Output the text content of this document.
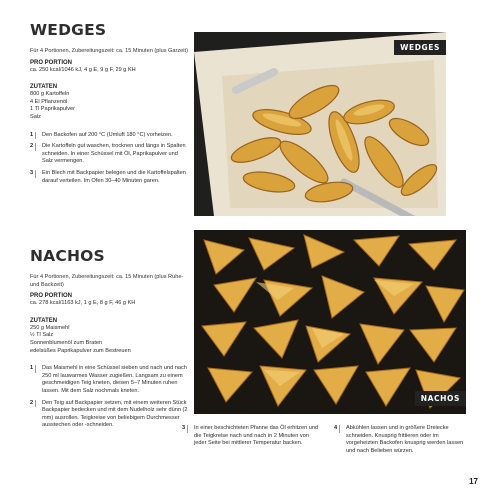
WEDGES
Für 4 Portionen, Zubereitungszeit: ca. 15 Minuten (plus Garzeit)
PRO PORTION
ca. 250 kcal/1046 kJ, 4 g E, 9 g F, 29 g KH
ZUTATEN
800 g Kartoffeln
4 El Pflanzenöl
1 Tl Paprikapulver
Salz
1	Den Backofen auf 200 °C (Umluft 180 °C) vorheizen.
2	Die Kartoffeln gut waschen, trocknen und längs in Spalten schneiden. In einer Schüssel mit Öl, Paprikapulver und Salz vermengen.
3	Ein Blech mit Backpapier belegen und die Kartoffelspalten darauf verteilen. Im Ofen 30–40 Minuten garen.
WEDGES
NACHOS
Für 4 Portionen, Zubereitungszeit: ca. 15 Minuten (plus Ruhe- und Backzeit)
PRO PORTION
ca. 278 kcal/1163 kJ, 1 g E, 8 g F, 46 g KH
ZUTATEN
250 g Maismehl
½ Tl Salz
Sonnenblumenöl zum Braten
edelsüßes Paprikapulver zum Bestreuen
1	Das Maismehl in eine Schüssel sieben und nach und nach 250 ml lauwarmes Wasser zugießen. Langsam zu einem geschmeidigen Teig kneten, diesen 5–7 Minuten ruhen lassen. Mit dem Salz nochmals kneten.
2	Den Teig auf Backpapier setzen, mit einem weiteren Stück Backpapier bedecken und mit dem Nudelholz sehr dünn (2 mm) ausrollen. Teigkreise von beliebigem Durchmesser ausstechen oder -schneiden.
NACHOS
3	In einer beschichteten Pfanne das Öl erhitzen und die Teigkreise nach und nach in 2 Minuten von jeder Seite bei mittlerer Temperatur backen.
4	Abkühlen lassen und in größere Dreiecke schneiden. Knusprig frittieren oder im vorgeheizten Backofen knusprig werden lassen und nach Belieben würzen.
17
